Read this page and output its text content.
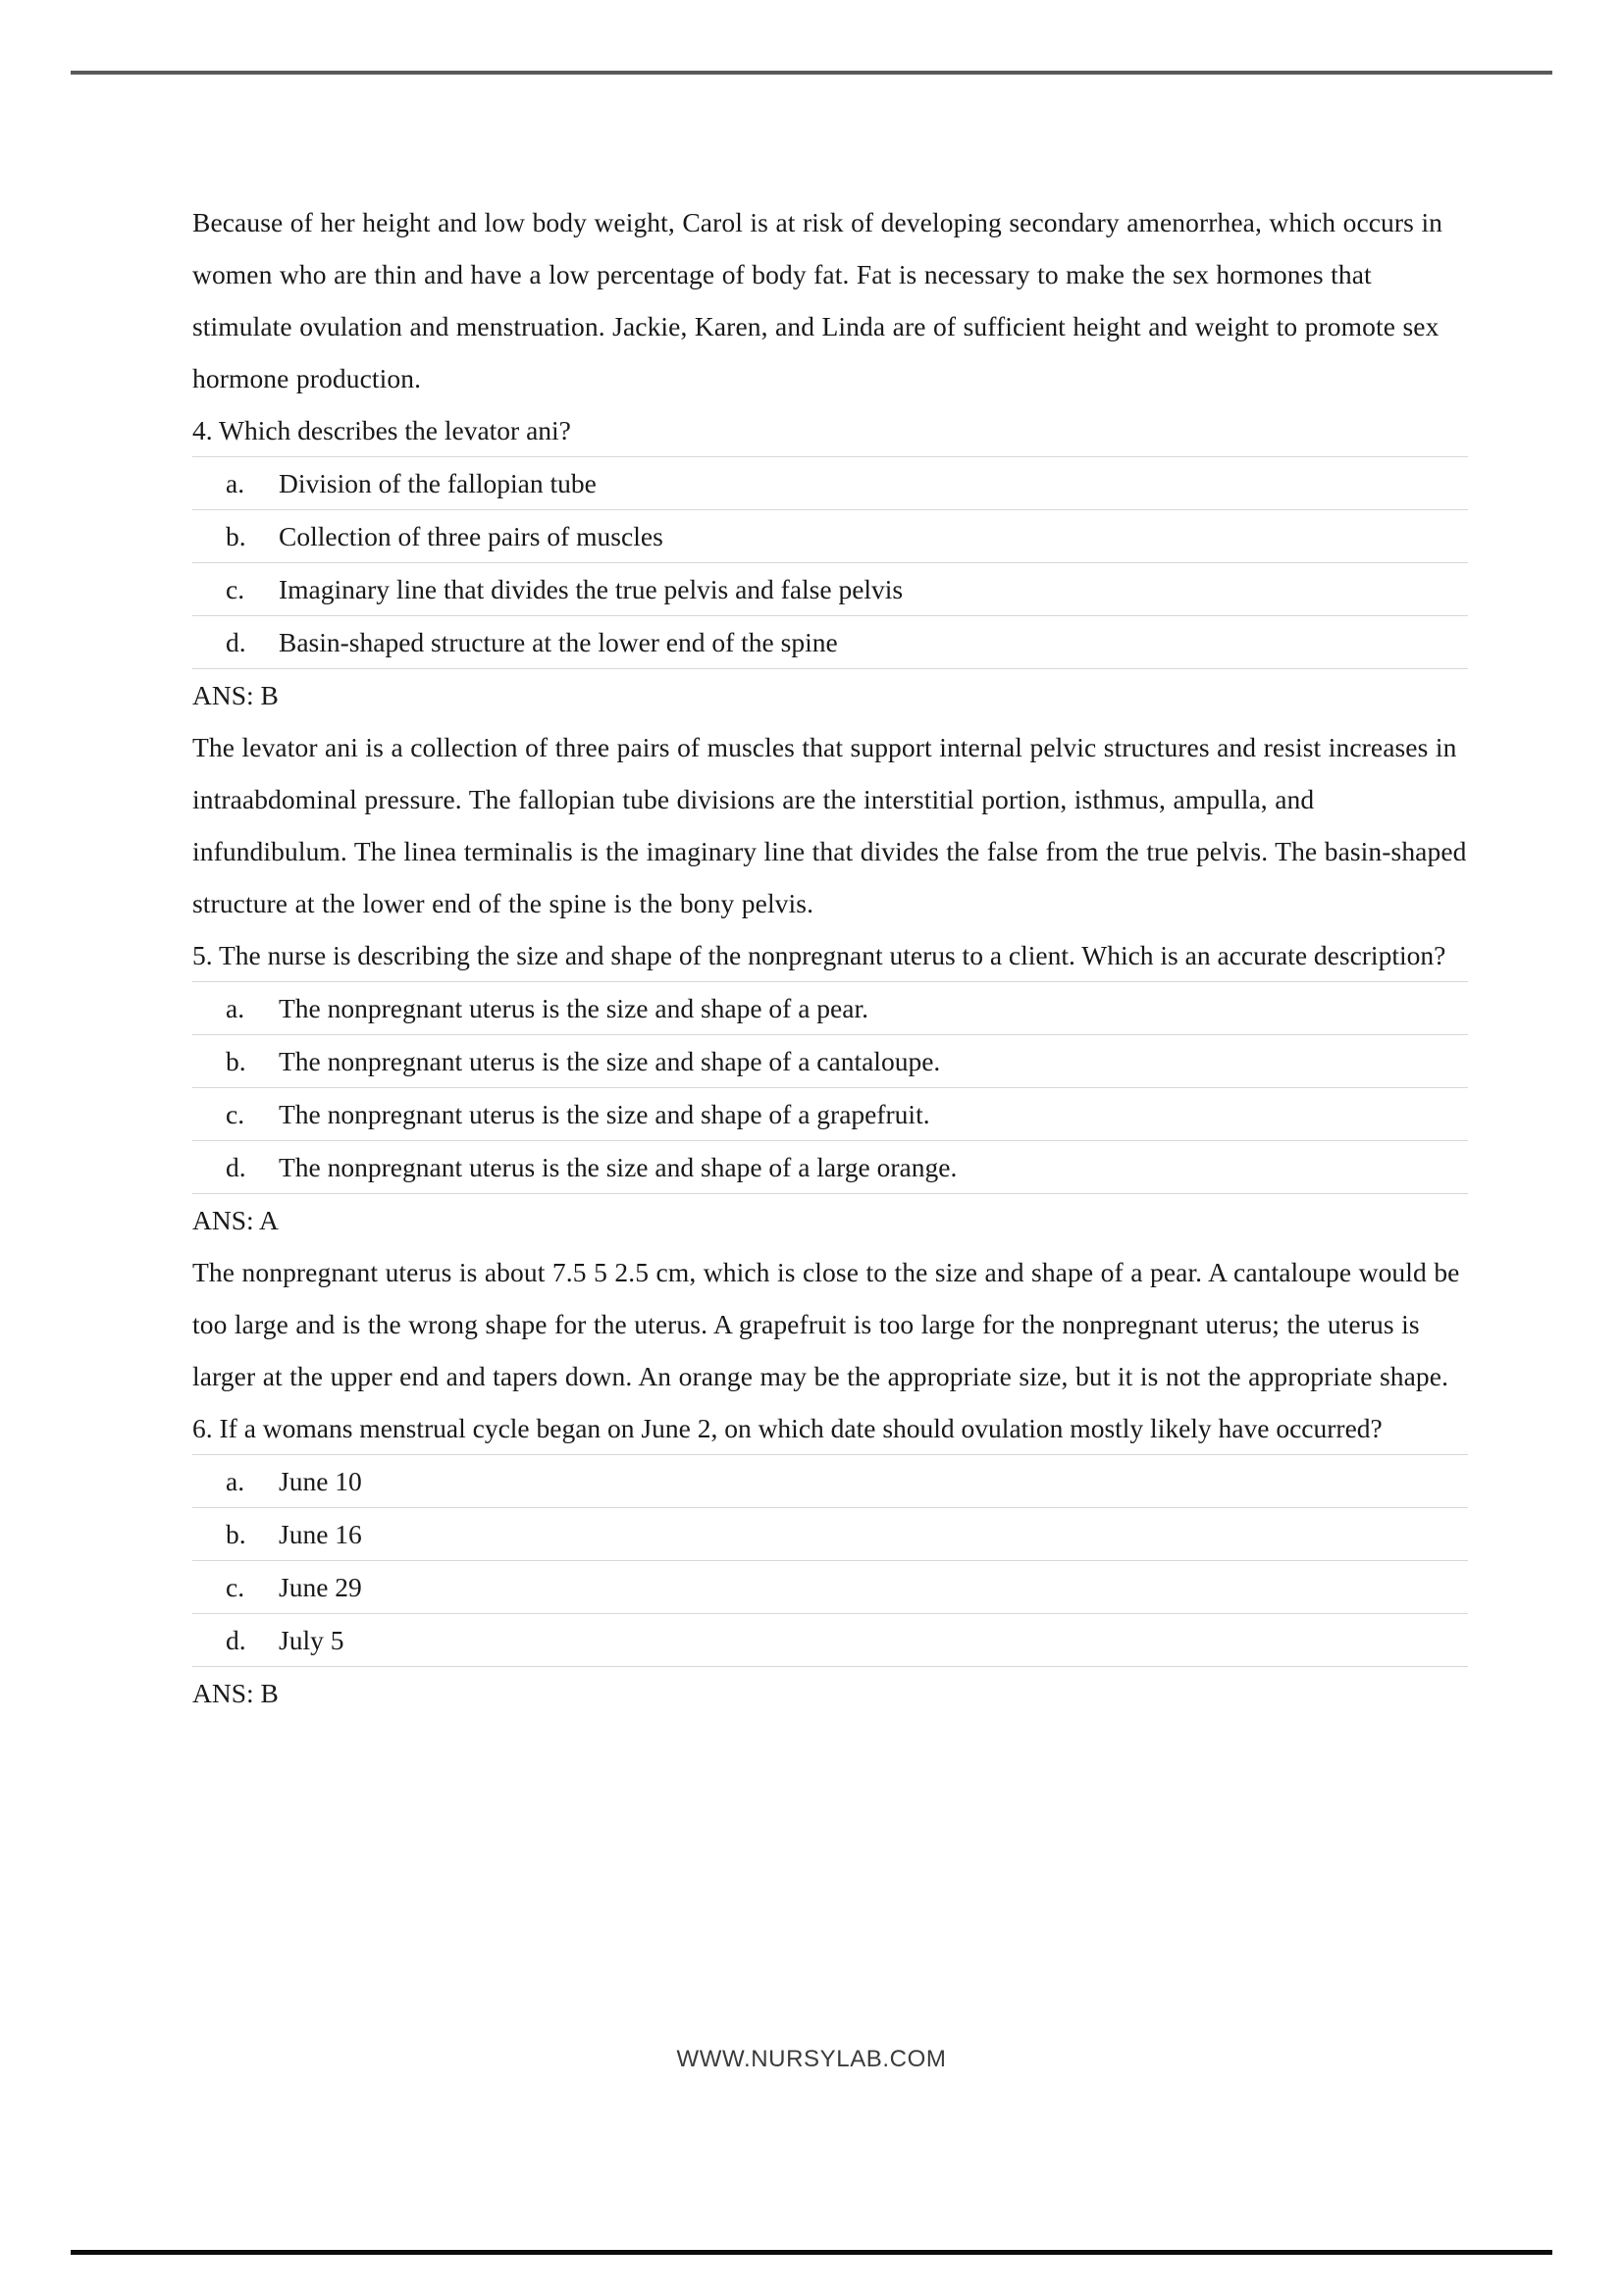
Because of her height and low body weight, Carol is at risk of developing secondary amenorrhea, which occurs in women who are thin and have a low percentage of body fat. Fat is necessary to make the sex hormones that stimulate ovulation and menstruation. Jackie, Karen, and Linda are of sufficient height and weight to promote sex hormone production.

4. Which describes the levator ani?

a.	Division of the fallopian tube
b.	Collection of three pairs of muscles
c.	Imaginary line that divides the true pelvis and false pelvis
d.	Basin-shaped structure at the lower end of the spine

ANS: B

The levator ani is a collection of three pairs of muscles that support internal pelvic structures and resist increases in intraabdominal pressure. The fallopian tube divisions are the interstitial portion, isthmus, ampulla, and infundibulum. The linea terminalis is the imaginary line that divides the false from the true pelvis. The basin-shaped structure at the lower end of the spine is the bony pelvis.

5. The nurse is describing the size and shape of the nonpregnant uterus to a client. Which is an accurate description?

a.	The nonpregnant uterus is the size and shape of a pear.
b.	The nonpregnant uterus is the size and shape of a cantaloupe.
c.	The nonpregnant uterus is the size and shape of a grapefruit.
d.	The nonpregnant uterus is the size and shape of a large orange.

ANS: A

The nonpregnant uterus is about 7.5 5 2.5 cm, which is close to the size and shape of a pear. A cantaloupe would be too large and is the wrong shape for the uterus. A grapefruit is too large for the nonpregnant uterus; the uterus is larger at the upper end and tapers down. An orange may be the appropriate size, but it is not the appropriate shape.

6. If a womans menstrual cycle began on June 2, on which date should ovulation mostly likely have occurred?

a.	June 10
b.	June 16
c.	June 29
d.	July 5

ANS: B

WWW.NURSYLAB.COM
